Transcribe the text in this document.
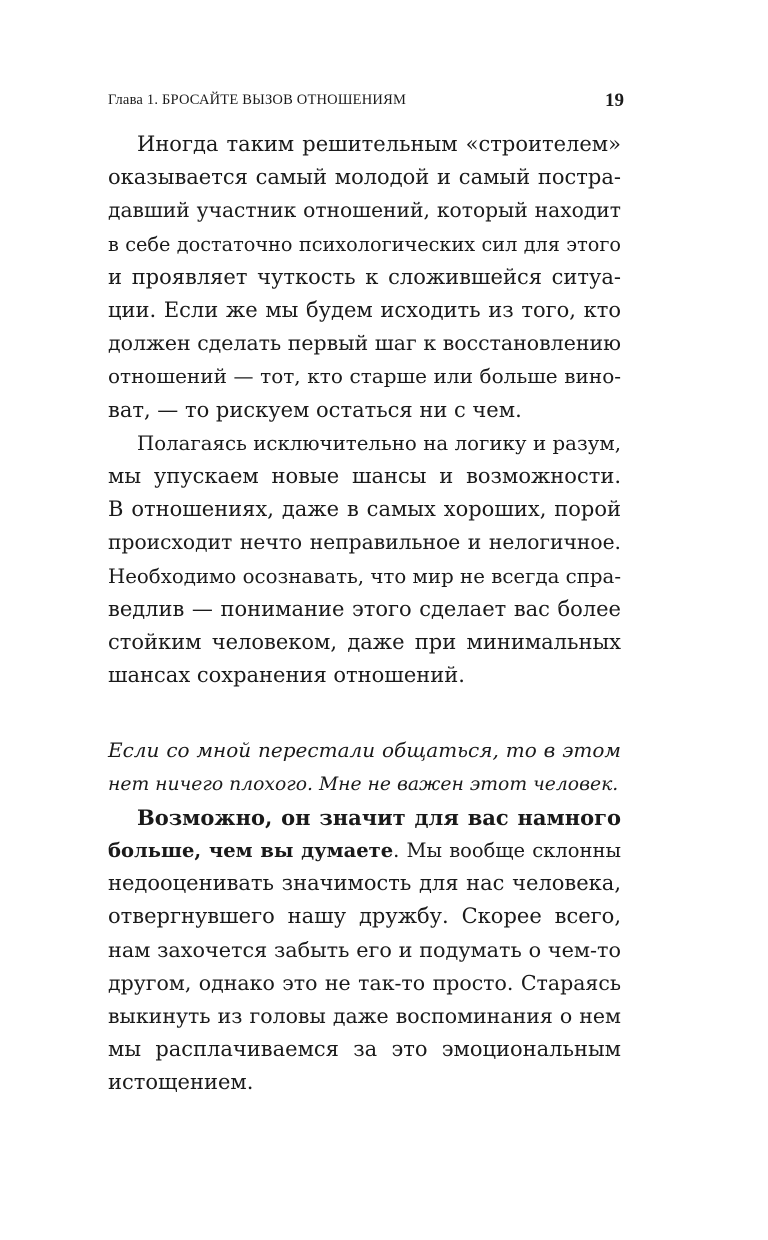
Глава 1. БРОСАЙТЕ ВЫЗОВ ОТНОШЕНИЯМ	19

Иногда таким решительным «строителем»
оказывается самый молодой и самый постра-
давший участник отношений, который находит
в себе достаточно психологических сил для этого
и проявляет чуткость к сложившейся ситуа-
ции. Если же мы будем исходить из того, кто
должен сделать первый шаг к восстановлению
отношений — тот, кто старше или больше вино-
ват, — то рискуем остаться ни с чем.

Полагаясь исключительно на логику и разум,
мы упускаем новые шансы и возможности.
В отношениях, даже в самых хороших, порой
происходит нечто неправильное и нелогичное.
Необходимо осознавать, что мир не всегда спра-
ведлив — понимание этого сделает вас более
стойким человеком, даже при минимальных
шансах сохранения отношений.

Если со мной перестали общаться, то в этом
нет ничего плохого. Мне не важен этот человек.

Возможно, он значит для вас намного
больше, чем вы думаете. Мы вообще склонны
недооценивать значимость для нас человека,
отвергнувшего нашу дружбу. Скорее всего,
нам захочется забыть его и подумать о чем-то
другом, однако это не так-то просто. Стараясь
выкинуть из головы даже воспоминания о нем
мы расплачиваемся за это эмоциональным
истощением.
